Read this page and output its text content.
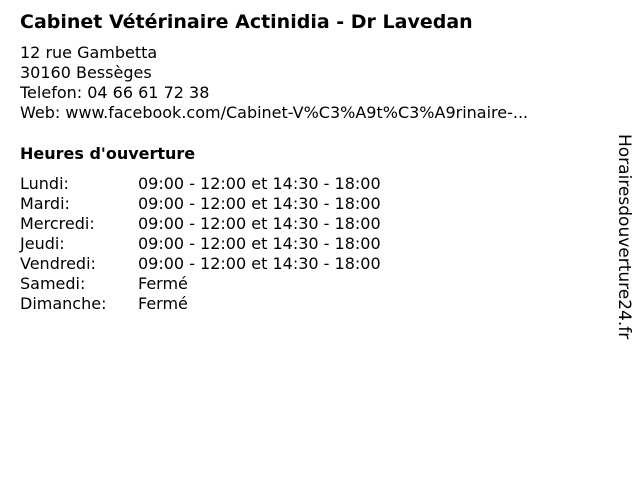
Cabinet Vétérinaire Actinidia - Dr Lavedan
12 rue Gambetta
30160 Bessèges
Telefon: 04 66 61 72 38
Web: www.facebook.com/Cabinet-V%C3%A9t%C3%A9rinaire-...
Heures d'ouverture
Lundi:	09:00 - 12:00 et 14:30 - 18:00
Mardi:	09:00 - 12:00 et 14:30 - 18:00
Mercredi:	09:00 - 12:00 et 14:30 - 18:00
Jeudi:	09:00 - 12:00 et 14:30 - 18:00
Vendredi:	09:00 - 12:00 et 14:30 - 18:00
Samedi:	Fermé
Dimanche: Fermé	Horairesdouverture24.fr
